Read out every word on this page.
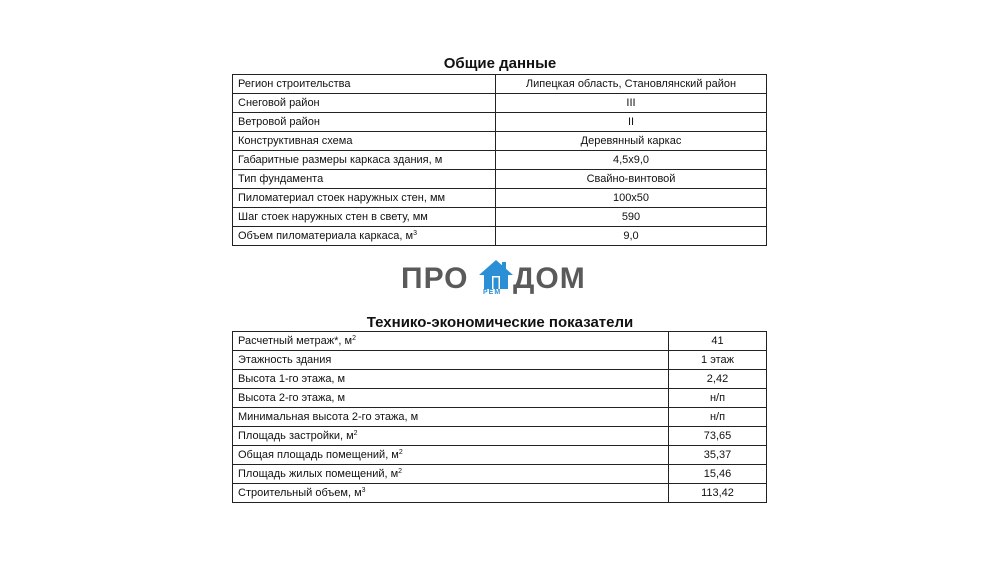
Общие данные
Регион строительства	Липецкая область, Становлянский район
Снеговой район	III
Ветровой район	II
Конструктивная схема	Деревянный каркас
Габаритные размеры каркаса здания, м	4,5х9,0
Тип фундамента	Свайно-винтовой
Пиломатериал стоек наружных стен, мм	100х50
Шаг стоек наружных стен в свету, мм	590
Объем пиломатериала каркаса, $м^3$	9,0
ПРО РЕМ ДОМ
Технико-экономические показатели
Расчетный метраж*, $м^2$	41
Этажность здания	1 этаж
Высота 1-го этажа, м	2,42
Высота 2-го этажа, м	н/п
Минимальная высота 2-го этажа, м	н/п
Площадь застройки, $м^2$	73,65
Общая площадь помещений, $м^2$	35,37
Площадь жилых помещений, $м^2$	15,46
Строительный объем, $м^3$	113,42
